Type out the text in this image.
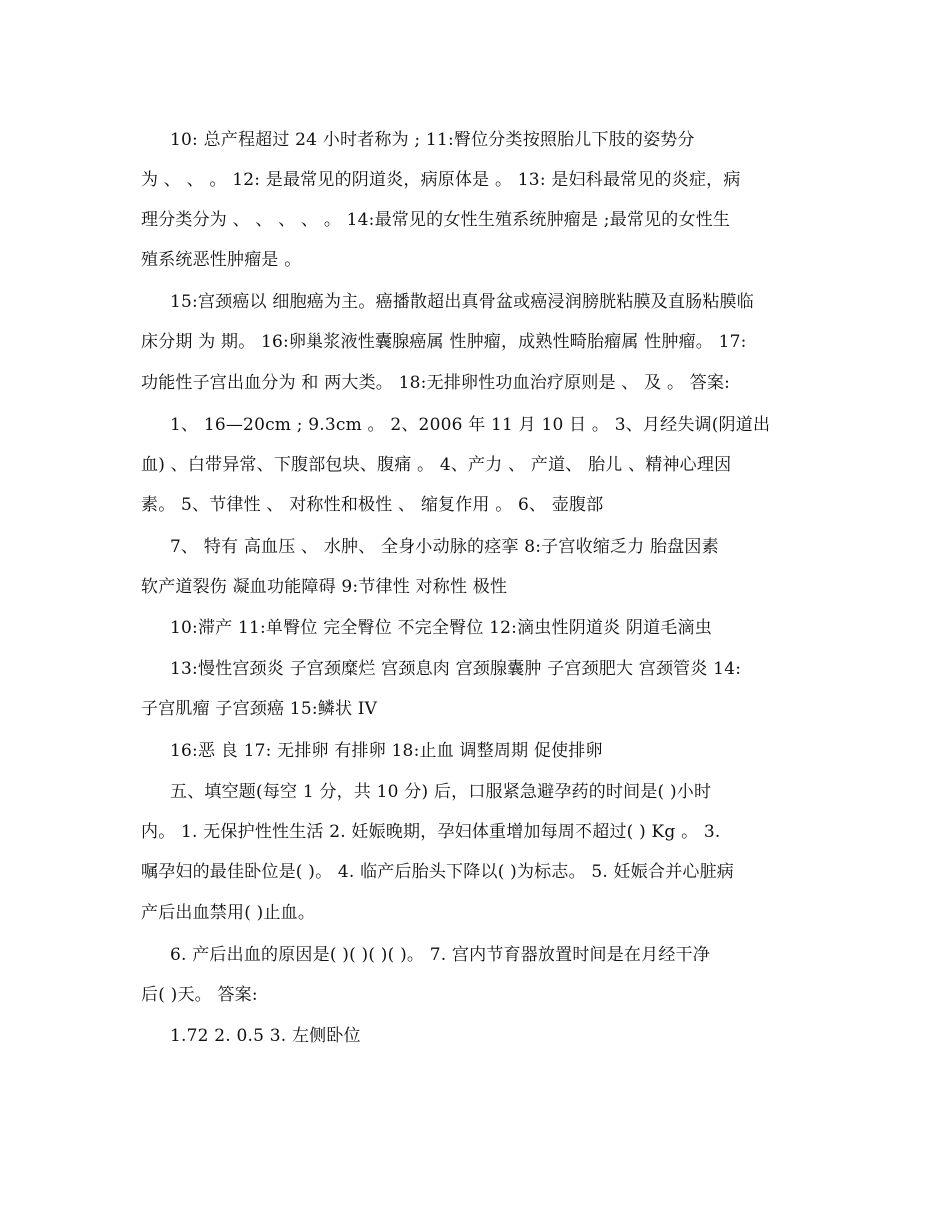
10: 总产程超过 24 小时者称为 ; 11:臀位分类按照胎儿下肢的姿势分
为 、 、 。 12: 是最常见的阴道炎，病原体是 。 13: 是妇科最常见的炎症，病
理分类分为 、 、 、 、 。 14:最常见的女性生殖系统肿瘤是 ;最常见的女性生
殖系统恶性肿瘤是 。
15:宫颈癌以 细胞癌为主。癌播散超出真骨盆或癌浸润膀胱粘膜及直肠粘膜临
床分期 为 期。 16:卵巢浆液性囊腺癌属 性肿瘤，成熟性畸胎瘤属 性肿瘤。 17:
功能性子宫出血分为 和 两大类。 18:无排卵性功血治疗原则是 、 及 。 答案:
1、 16—20cm ; 9.3cm 。 2、2006 年 11 月 10 日 。 3、月经失调(阴道出
血) 、白带异常、下腹部包块、腹痛 。 4、产力 、 产道、 胎儿 、精神心理因
素。 5、节律性 、 对称性和极性 、 缩复作用 。 6、 壶腹部
7、 特有 高血压 、 水肿、 全身小动脉的痉挛 8:子宫收缩乏力 胎盘因素
软产道裂伤 凝血功能障碍 9:节律性 对称性 极性
10:滞产 11:单臀位 完全臀位 不完全臀位 12:滴虫性阴道炎 阴道毛滴虫
13:慢性宫颈炎 子宫颈糜烂 宫颈息肉 宫颈腺囊肿 子宫颈肥大 宫颈管炎 14:
子宫肌瘤 子宫颈癌 15:鳞状 IV
16:恶 良 17: 无排卵 有排卵 18:止血 调整周期 促使排卵
五、填空题(每空 1 分，共 10 分) 后，口服紧急避孕药的时间是( )小时
内。 1. 无保护性性生活 2. 妊娠晚期，孕妇体重增加每周不超过( ) Kg 。 3.
嘱孕妇的最佳卧位是( )。 4. 临产后胎头下降以( )为标志。 5. 妊娠合并心脏病
产后出血禁用( )止血。
6. 产后出血的原因是( )( )( )( )。 7. 宫内节育器放置时间是在月经干净
后( )天。 答案:
1.72 2. 0.5 3. 左侧卧位
